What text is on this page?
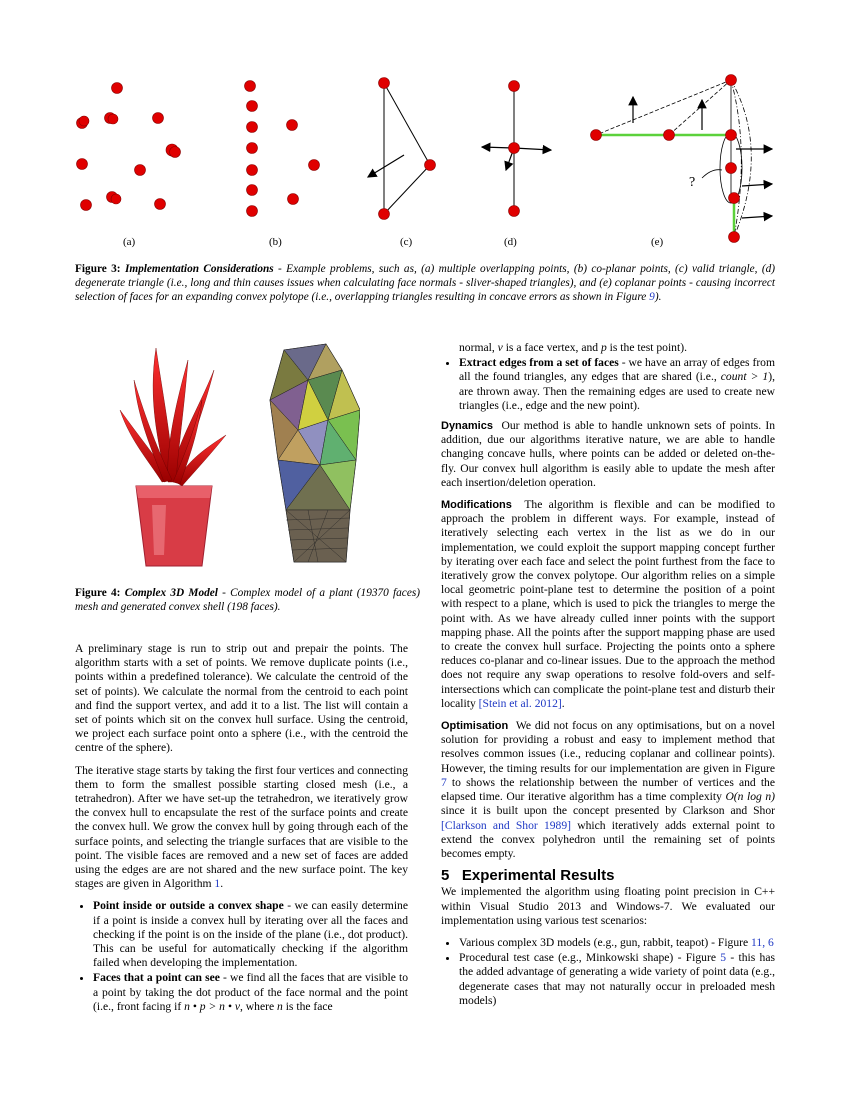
?
(a)	(b)	(c)	(d)	(e)
Figure 3: Implementation Considerations - Example problems, such as, (a) multiple overlapping points, (b) co-planar points, (c) valid triangle, (d) degenerate triangle (i.e., long and thin causes issues when calculating face normals - sliver-shaped triangles), and (e) coplanar points - causing incorrect selection of faces for an expanding convex polytope (i.e., overlapping triangles resulting in concave errors as shown in Figure 9).
Figure 4: Complex 3D Model - Complex model of a plant (19370 faces) mesh and generated convex shell (198 faces).

A preliminary stage is run to strip out and prepair the points. The algorithm starts with a set of points. We remove duplicate points (i.e., points within a predefined tolerance). We calculate the centroid of the set of points). We calculate the normal from the centroid to each point and find the support vertex, and add it to a list. The list will contain a set of points which sit on the convex hull surface. Using the centroid, we project each surface point onto a sphere (i.e., with the centroid the centre of the sphere).

The iterative stage starts by taking the first four vertices and connecting them to form the smallest possible starting closed mesh (i.e., a tetrahedron). After we have set-up the tetrahedron, we iteratively grow the convex hull to encapsulate the rest of the surface points and create the convex hull. We grow the convex hull by going through each of the surface points, and selecting the triangle surfaces that are visible to the point. The visible faces are removed and a new set of faces are added using the edges are are not shared and the new surface point. The key stages are given in Algorithm 1.

• Point inside or outside a convex shape - we can easily determine if a point is inside a convex hull by iterating over all the faces and checking if the point is on the inside of the plane (i.e., dot product). This can be useful for automatically checking if the algorithm failed when developing the implementation.
• Faces that a point can see - we find all the faces that are visible to a point by taking the dot product of the face normal and the point (i.e., front facing if n • p > n • v, where n is the face
normal, v is a face vertex, and p is the test point).
• Extract edges from a set of faces - we have an array of edges from all the found triangles, any edges that are shared (i.e., count > 1), are thrown away. Then the remaining edges are used to create new triangles (i.e., edge and the new point).

Dynamics Our method is able to handle unknown sets of points. In addition, due our algorithms iterative nature, we are able to handle changing concave hulls, where points can be added or deleted on-the-fly. Our convex hull algorithm is easily able to update the mesh after each insertion/deletion operation.

Modifications The algorithm is flexible and can be modified to approach the problem in different ways. For example, instead of iteratively selecting each vertex in the list as we do in our implementation, we could exploit the support mapping concept further by iterating over each face and select the point furthest from the face to iteratively grow the convex polytope. Our algorithm relies on a simple local geometric point-plane test to determine the position of a point with respect to a plane, which is used to pick the triangles to merge the point with. As we have already culled inner points with the support mapping phase. All the points after the support mapping phase are used to create the convex hull surface. Projecting the points onto a sphere reduces co-planar and co-linear issues. Due to the approach the method does not require any swap operations to resolve fold-overs and self-intersections which can complicate the point-plane test and disturb their locality [Stein et al. 2012].

Optimisation We did not focus on any optimisations, but on a novel solution for providing a robust and easy to implement method that resolves common issues (i.e., reducing coplanar and collinear points). However, the timing results for our implementation are given in Figure 7 to shows the relationship between the number of vertices and the elapsed time. Our iterative algorithm has a time complexity O(n log n) since it is built upon the concept presented by Clarkson and Shor [Clarkson and Shor 1989] which iteratively adds external point to extend the convex polyhedron until the remaining set of points becomes empty.

5 Experimental Results

We implemented the algorithm using floating point precision in C++ within Visual Studio 2013 and Windows-7. We evaluated our implementation using various test scenarios:

• Various complex 3D models (e.g., gun, rabbit, teapot) - Figure 11, 6
• Procedural test case (e.g., Minkowski shape) - Figure 5 - this has the added advantage of generating a wide variety of point data (e.g., degenerate cases that may not naturally occur in preloaded mesh models)
